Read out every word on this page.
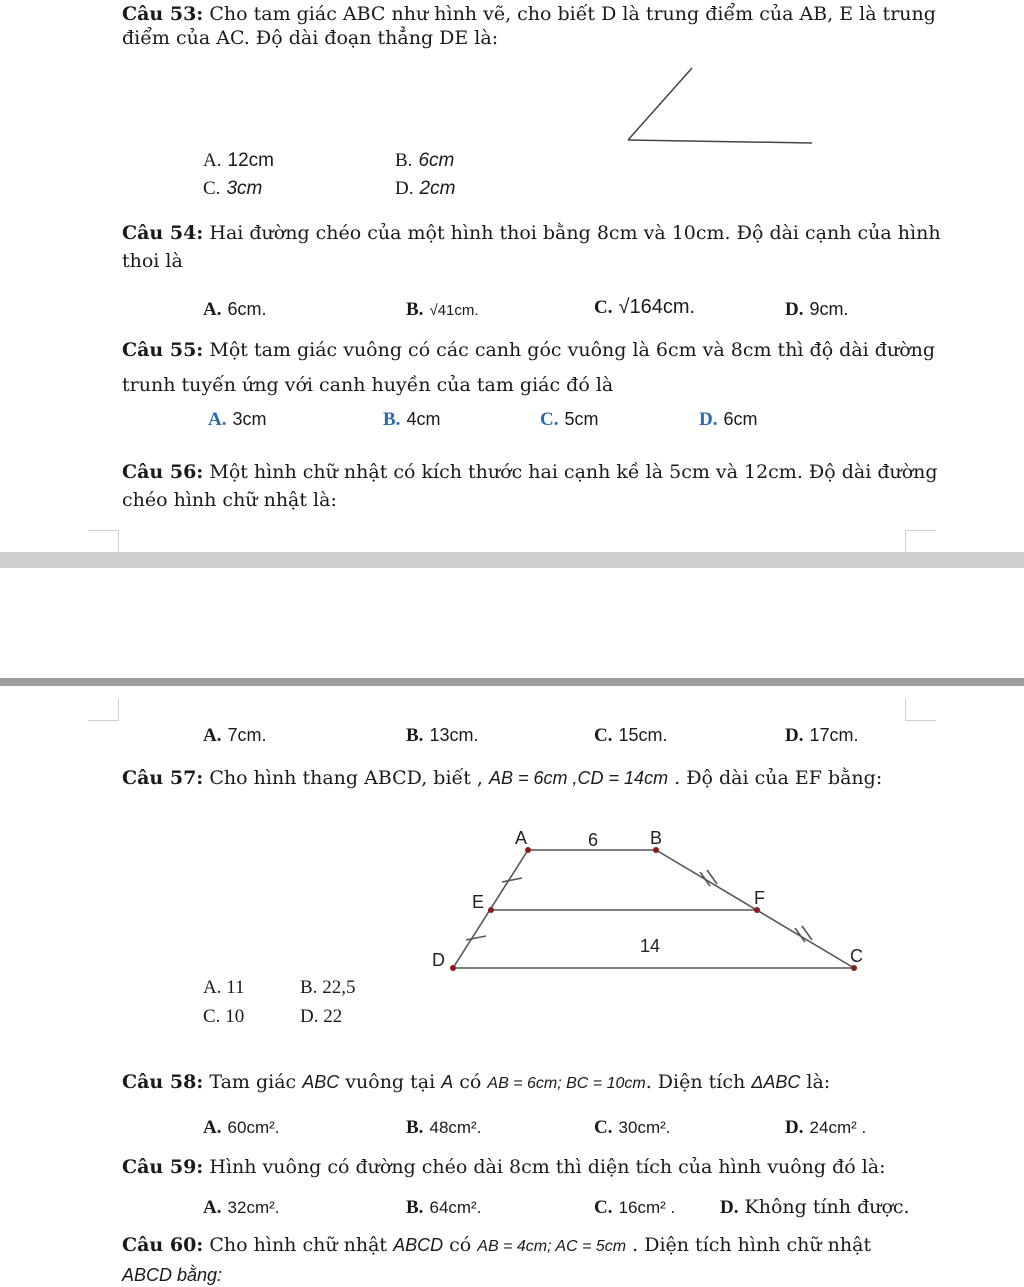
Câu 53: Cho tam giác ABC như hình vẽ, cho biết D là trung điểm của AB, E là trung
điểm của AC. Độ dài đoạn thẳng DE là:
A. 12cm	B. 6cm
C. 3cm	D. 2cm
Câu 54: Hai đường chéo của một hình thoi bằng 8cm và 10cm. Độ dài cạnh của hình
thoi là
A. 6cm.	B. √41cm.	C. √164cm.	D. 9cm.
Câu 55: Một tam giác vuông có các canh góc vuông là 6cm và 8cm thì độ dài đường
trunh tuyến ứng với canh huyền của tam giác đó là
A. 3cm	B. 4cm	C. 5cm	D. 6cm
Câu 56: Một hình chữ nhật có kích thước hai cạnh kề là 5cm và 12cm. Độ dài đường
chéo hình chữ nhật là:
A. 7cm.	B. 13cm.	C. 15cm.	D. 17cm.
Câu 57: Cho hình thang ABCD, biết , AB = 6cm ,CD = 14cm . Độ dài của EF bằng:
A	B
C
D
E	F
6
14
A. 11	B. 22,5
C. 10	D. 22
Câu 58: Tam giác ABC vuông tại A có AB = 6cm; BC = 10cm. Diện tích ΔABC là:
A. 60cm².	B. 48cm².	C. 30cm².	D. 24cm² .
Câu 59: Hình vuông có đường chéo dài 8cm thì diện tích của hình vuông đó là:
A. 32cm².	B. 64cm².	C. 16cm² . D. Không tính được.
Câu 60: Cho hình chữ nhật ABCD có AB = 4cm; AC = 5cm . Diện tích hình chữ nhật
ABCD bằng:
